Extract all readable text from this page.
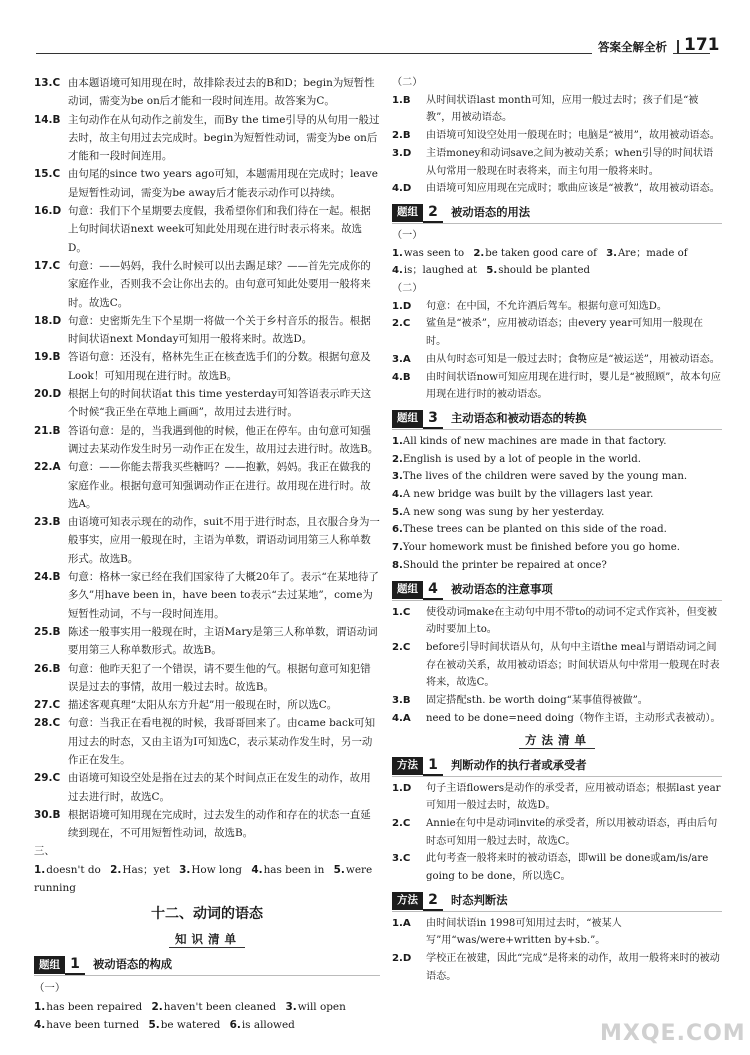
答案全解全析	171

13.C 由本题语境可知用现在时，故排除表过去的B和D；begin为短暂性动词，需变为be on后才能和一段时间连用。故答案为C。

14.B 主句动作在从句动作之前发生，而By the time引导的从句用一般过去时，故主句用过去完成时。begin为短暂性动词，需变为be on后才能和一段时间连用。

15.C 由句尾的since two years ago可知，本题需用现在完成时；leave是短暂性动词，需变为be away后才能表示动作可以持续。

16.D 句意：我们下个星期要去度假，我希望你们和我们待在一起。根据上句时间状语next week可知此处用现在进行时表示将来。故选D。

17.C 句意：——妈妈，我什么时候可以出去踢足球？——首先完成你的家庭作业，否则我不会让你出去的。由句意可知此处要用一般将来时。故选C。

18.D 句意：史密斯先生下个星期一将做一个关于乡村音乐的报告。根据时间状语next Monday可知用一般将来时。故选D。

19.B 答语句意：还没有，格林先生正在核查选手们的分数。根据句意及Look！可知用现在进行时。故选B。

20.D 根据上句的时间状语at this time yesterday可知答语表示昨天这个时候“我正坐在草地上画画”，故用过去进行时。

21.B 答语句意：是的，当我遇到他的时候，他正在停车。由句意可知强调过去某动作发生时另一动作正在发生，故用过去进行时。故选B。

22.A 句意：——你能去帮我买些糖吗？——抱歉，妈妈。我正在做我的家庭作业。根据句意可知强调动作正在进行。故用现在进行时。故选A。

23.B 由语境可知表示现在的动作，suit不用于进行时态，且衣服合身为一般事实，应用一般现在时，主语为单数，谓语动词用第三人称单数形式。故选B。

24.B 句意：格林一家已经在我们国家待了大概20年了。表示“在某地待了多久”用have been in，have been to表示“去过某地”，come为短暂性动词，不与一段时间连用。

25.B 陈述一般事实用一般现在时，主语Mary是第三人称单数，谓语动词要用第三人称单数形式。故选B。

26.B 句意：他昨天犯了一个错误，请不要生他的气。根据句意可知犯错误是过去的事情，故用一般过去时。故选B。

27.C 描述客观真理“太阳从东方升起”用一般现在时，所以选C。

28.C 句意：当我正在看电视的时候，我哥哥回来了。由came back可知用过去的时态，又由主语为I可知选C，表示某动作发生时，另一动作正在发生。

29.C 由语境可知设空处是指在过去的某个时间点正在发生的动作，故用过去进行时，故选C。

30.B 根据语境可知用现在完成时，过去发生的动作和存在的状态一直延续到现在，不可用短暂性动词，故选B。

三、

1.doesn't do 2.Has；yet 3.How long 4.has been in 5.were running

十二、动词的语态
知识清单
题组 1	被动语态的构成

（一）

1.has been repaired 2.haven't been cleaned 3.will open 4.have been turned 5.be watered 6.is allowed

（二）

1.B 从时间状语last month可知，应用一般过去时；孩子们是“被教”，用被动语态。

2.B 由语境可知设空处用一般现在时；电脑是“被用”，故用被动语态。

3.D 主语money和动词save之间为被动关系；when引导的时间状语从句常用一般现在时表将来，而主句用一般将来时。

4.D 由语境可知应用现在完成时；歌曲应该是“被教”，故用被动语态。

题组 2	被动语态的用法

（一）

1.was seen to 2.be taken good care of 3.Are；made of 4.is；laughed at 5.should be planted

（二）

1.D 句意：在中国，不允许酒后驾车。根据句意可知选D。

2.C 鲨鱼是“被杀”，应用被动语态；由every year可知用一般现在时。

3.A 由从句时态可知是一般过去时；食物应是“被运送”，用被动语态。

4.B 由时间状语now可知应用现在进行时，婴儿是“被照顾”，故本句应用现在进行时的被动语态。

题组 3	主动语态和被动语态的转换

1.All kinds of new machines are made in that factory.

2.English is used by a lot of people in the world.

3.The lives of the children were saved by the young man.

4.A new bridge was built by the villagers last year.

5.A new song was sung by her yesterday.

6.These trees can be planted on this side of the road.

7.Your homework must be finished before you go home.

8.Should the printer be repaired at once?

题组 4	被动语态的注意事项

1.C 使役动词make在主动句中用不带to的动词不定式作宾补，但变被动时要加上to。

2.C before引导时间状语从句，从句中主语the meal与谓语动词之间存在被动关系，故用被动语态；时间状语从句中常用一般现在时表将来，故选C。

3.B 固定搭配sth. be worth doing“某事值得被做”。

4.A need to be done=need doing（物作主语，主动形式表被动）。

方法清单
方法 1	判断动作的执行者或承受者

1.D 句子主语flowers是动作的承受者，应用被动语态；根据last year可知用一般过去时，故选D。

2.C Annie在句中是动词invite的承受者，所以用被动语态，再由后句时态可知用一般过去时，故选C。

3.C 此句考查一般将来时的被动语态，即will be done或am/is/are going to be done，所以选C。

方法 2	时态判断法

1.A 由时间状语in 1998可知用过去时，“被某人写”用“was/were+written by+sb.”。

2.D 学校正在被建，因此“完成”是将来的动作，故用一般将来时的被动语态。

MXQE.COM
